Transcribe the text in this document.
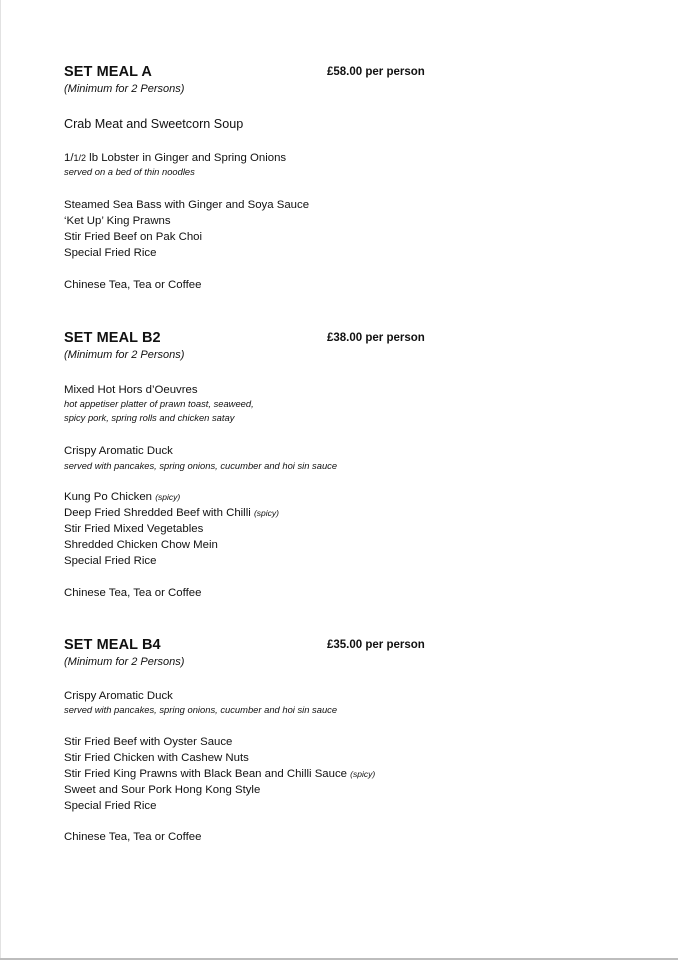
SET MEAL A	£58.00 per person
(Minimum for 2 Persons)
Crab Meat and Sweetcorn Soup
1/1/2 lb Lobster in Ginger and Spring Onions
served on a bed of thin noodles
Steamed Sea Bass with Ginger and Soya Sauce
‘Ket Up’ King Prawns
Stir Fried Beef on Pak Choi
Special Fried Rice
Chinese Tea, Tea or Coffee
SET MEAL B2	£38.00 per person
(Minimum for 2 Persons)
Mixed Hot Hors d’Oeuvres
hot appetiser platter of prawn toast, seaweed,
spicy pork, spring rolls and chicken satay
Crispy Aromatic Duck
served with pancakes, spring onions, cucumber and hoi sin sauce
Kung Po Chicken (spicy)
Deep Fried Shredded Beef with Chilli (spicy)
Stir Fried Mixed Vegetables
Shredded Chicken Chow Mein
Special Fried Rice
Chinese Tea, Tea or Coffee
SET MEAL B4	£35.00 per person
(Minimum for 2 Persons)
Crispy Aromatic Duck
served with pancakes, spring onions, cucumber and hoi sin sauce
Stir Fried Beef with Oyster Sauce
Stir Fried Chicken with Cashew Nuts
Stir Fried King Prawns with Black Bean and Chilli Sauce (spicy)
Sweet and Sour Pork Hong Kong Style
Special Fried Rice
Chinese Tea, Tea or Coffee
